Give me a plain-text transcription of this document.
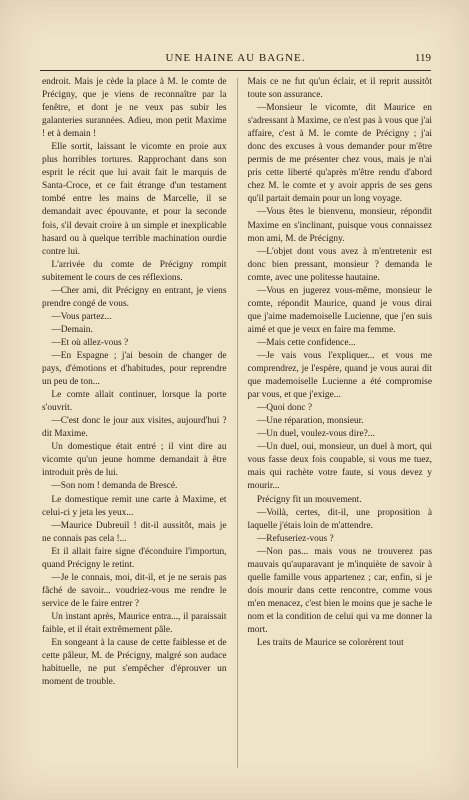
UNE HAINE AU BAGNE.	119

endroit. Mais je cède la place à M. le comte de Précigny, que je viens de reconnaître par la fenêtre, et dont je ne veux pas subir les galanteries surannées. Adieu, mon petit Maxime ! et à demain !

Elle sortit, laissant le vicomte en proie aux plus horribles tortures. Rapprochant dans son esprit le récit que lui avait fait le marquis de Santa-Croce, et ce fait étrange d'un testament tombé entre les mains de Marcelle, il se demandait avec épouvante, et pour la seconde fois, s'il devait croire à un simple et inexplicable hasard ou à quelque terrible machination ourdie contre lui.

L'arrivée du comte de Précigny rompit subitement le cours de ces réflexions.

—Cher ami, dit Précigny en entrant, je viens prendre congé de vous.

—Vous partez...

—Demain.

—Et où allez-vous ?

—En Espagne ; j'ai besoin de changer de pays, d'émotions et d'habitudes, pour reprendre un peu de ton...

Le comte allait continuer, lorsque la porte s'ouvrit.

—C'est donc le jour aux visites, aujourd'hui ? dit Maxime.

Un domestique était entré ; il vint dire au vicomte qu'un jeune homme demandait à être introduit près de lui.

—Son nom ! demanda de Brescé.

Le domestique remit une carte à Maxime, et celui-ci y jeta les yeux...

—Maurice Dubreuil ! dit-il aussitôt, mais je ne connais pas cela !...

Et il allait faire signe d'éconduire l'importun, quand Précigny le retint.

—Je le connais, moi, dit-il, et je ne serais pas fâché de savoir... voudriez-vous me rendre le service de le faire entrer ?

Un instant après, Maurice entra..., il paraissait faible, et il était extrêmement pâle.

En songeant à la cause de cette faiblesse et de cette pâleur, M. de Précigny, malgré son audace habituelle, ne put s'empêcher d'éprouver un moment de trouble.

Mais ce ne fut qu'un éclair, et il reprit aussitôt toute son assurance.

—Monsieur le vicomte, dit Maurice en s'adressant à Maxime, ce n'est pas à vous que j'ai affaire, c'est à M. le comte de Précigny ; j'ai donc des excuses à vous demander pour m'être permis de me présenter chez vous, mais je n'ai pris cette liberté qu'après m'être rendu d'abord chez M. le comte et y avoir appris de ses gens qu'il partait demain pour un long voyage.

—Vous êtes le bienvenu, monsieur, répondit Maxime en s'inclinant, puisque vous connaissez mon ami, M. de Précigny.

—L'objet dont vous avez à m'entretenir est donc bien pressant, monsieur ? demanda le comte, avec une politesse hautaine.

—Vous en jugerez vous-même, monsieur le comte, répondit Maurice, quand je vous dirai que j'aime mademoiselle Lucienne, que j'en suis aimé et que je veux en faire ma femme.

—Mais cette confidence...

—Je vais vous l'expliquer... et vous me comprendrez, je l'espère, quand je vous aurai dit que mademoiselle Lucienne a été compromise par vous, et que j'exige...

—Quoi donc ?

—Une réparation, monsieur.

—Un duel, voulez-vous dire?...

—Un duel, oui, monsieur, un duel à mort, qui vous fasse deux fois coupable, si vous me tuez, mais qui rachète votre faute, si vous devez y mourir...

Précigny fit un mouvement.

—Voilà, certes, dit-il, une proposition à laquelle j'étais loin de m'attendre.

—Refuseriez-vous ?

—Non pas... mais vous ne trouverez pas mauvais qu'auparavant je m'inquiète de savoir à quelle famille vous appartenez ; car, enfin, si je dois mourir dans cette rencontre, comme vous m'en menacez, c'est bien le moins que je sache le nom et la condition de celui qui va me donner la mort.

Les traits de Maurice se colorèrent tout
